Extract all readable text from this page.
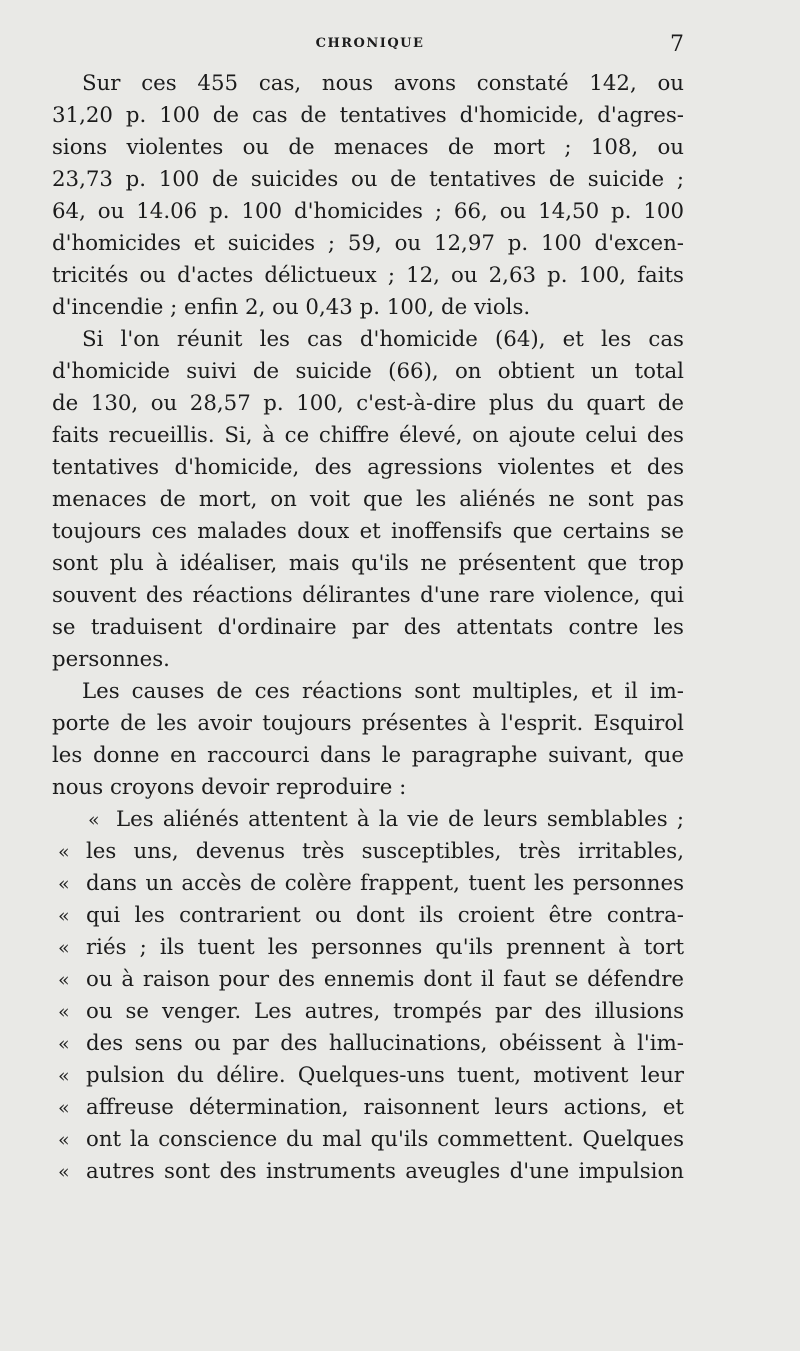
CHRONIQUE	7
Sur ces 455 cas, nous avons constaté 142, ou
31,20 p. 100 de cas de tentatives d'homicide, d'agres-
sions violentes ou de menaces de mort ; 108, ou
23,73 p. 100 de suicides ou de tentatives de suicide ;
64, ou 14.06 p. 100 d'homicides ; 66, ou 14,50 p. 100
d'homicides et suicides ; 59, ou 12,97 p. 100 d'excen-
tricités ou d'actes délictueux ; 12, ou 2,63 p. 100, faits
d'incendie ; enfin 2, ou 0,43 p. 100, de viols.
Si l'on réunit les cas d'homicide (64), et les cas
d'homicide suivi de suicide (66), on obtient un total
de 130, ou 28,57 p. 100, c'est-à-dire plus du quart de
faits recueillis. Si, à ce chiffre élevé, on ajoute celui des
tentatives d'homicide, des agressions violentes et des
menaces de mort, on voit que les aliénés ne sont pas
toujours ces malades doux et inoffensifs que certains se
sont plu à idéaliser, mais qu'ils ne présentent que trop
souvent des réactions délirantes d'une rare violence, qui
se traduisent d'ordinaire par des attentats contre les
personnes.
Les causes de ces réactions sont multiples, et il im-
porte de les avoir toujours présentes à l'esprit. Esquirol
les donne en raccourci dans le paragraphe suivant, que
nous croyons devoir reproduire :
« Les aliénés attentent à la vie de leurs semblables ;
« les uns, devenus très susceptibles, très irritables,
« dans un accès de colère frappent, tuent les personnes
« qui les contrarient ou dont ils croient être contra-
« riés ; ils tuent les personnes qu'ils prennent à tort
« ou à raison pour des ennemis dont il faut se défendre
« ou se venger. Les autres, trompés par des illusions
« des sens ou par des hallucinations, obéissent à l'im-
« pulsion du délire. Quelques-uns tuent, motivent leur
« affreuse détermination, raisonnent leurs actions, et
« ont la conscience du mal qu'ils commettent. Quelques
« autres sont des instruments aveugles d'une impulsion
